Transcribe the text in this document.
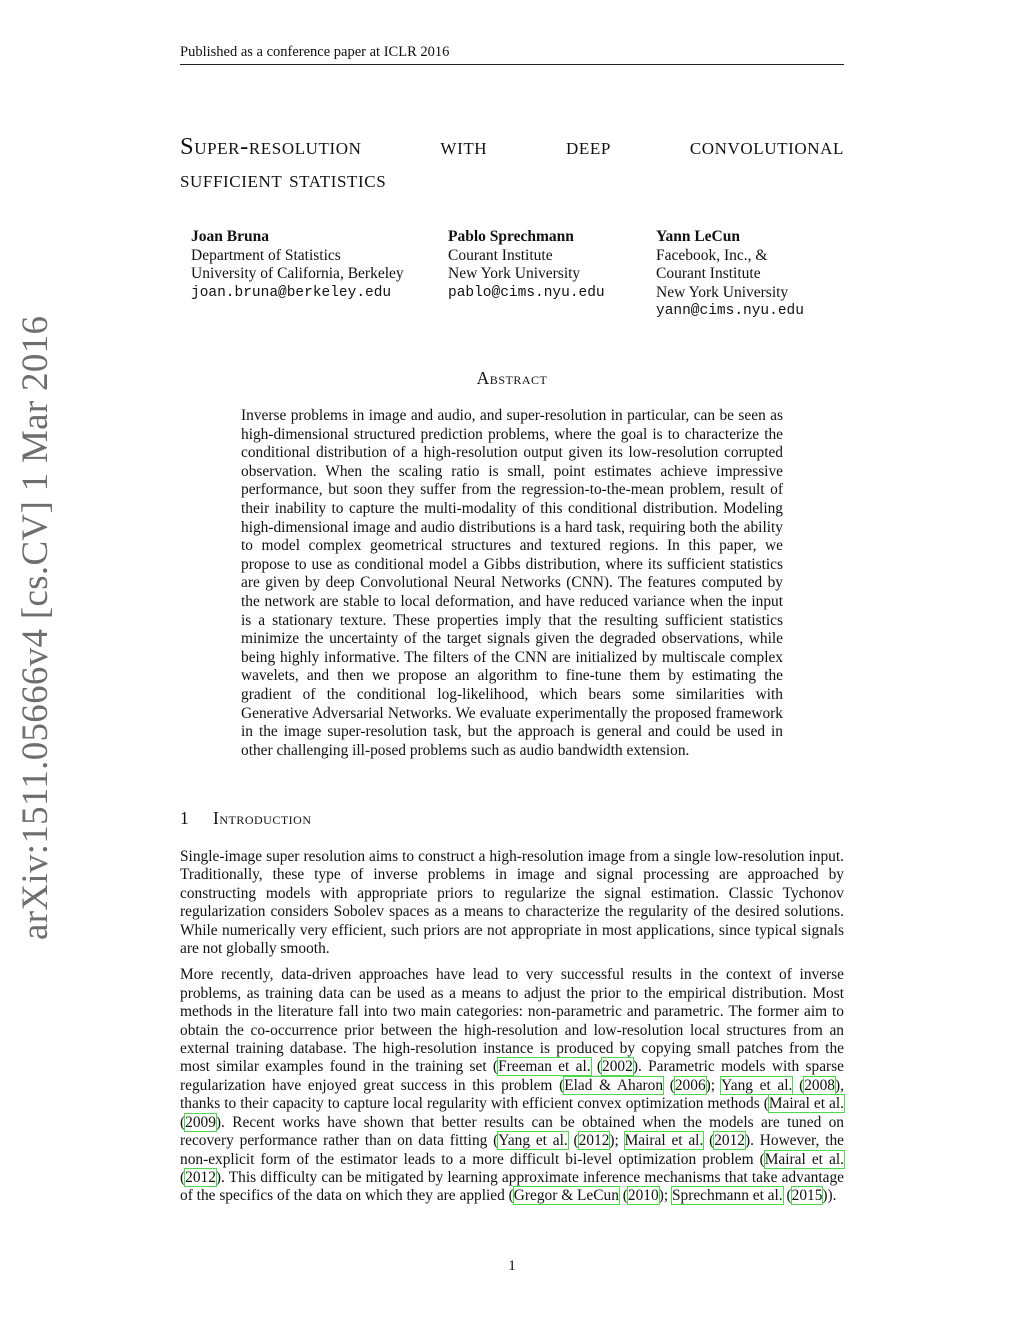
Published as a conference paper at ICLR 2016
arXiv:1511.05666v4 [cs.CV] 1 Mar 2016
Super-resolution with deep convolutional
sufficient statistics
Joan Bruna
Department of Statistics
University of California, Berkeley
joan.bruna@berkeley.edu
Pablo Sprechmann
Courant Institute
New York University
pablo@cims.nyu.edu
Yann LeCun
Facebook, Inc., &
Courant Institute
New York University
yann@cims.nyu.edu
Abstract
Inverse problems in image and audio, and super-resolution in particular, can be seen as high-dimensional structured prediction problems, where the goal is to characterize the conditional distribution of a high-resolution output given its low-resolution corrupted observation. When the scaling ratio is small, point estimates achieve impressive performance, but soon they suffer from the regression-to-the-mean problem, result of their inability to capture the multi-modality of this conditional distribution. Modeling high-dimensional image and audio distributions is a hard task, requiring both the ability to model complex geometrical structures and textured regions. In this paper, we propose to use as conditional model a Gibbs distribution, where its sufficient statistics are given by deep Convolutional Neural Networks (CNN). The features computed by the network are stable to local deformation, and have reduced variance when the input is a stationary texture. These properties imply that the resulting sufficient statistics minimize the uncertainty of the target signals given the degraded observations, while being highly informative. The filters of the CNN are initialized by multiscale complex wavelets, and then we propose an algorithm to fine-tune them by estimating the gradient of the conditional log-likelihood, which bears some similarities with Generative Adversarial Networks. We evaluate experimentally the proposed framework in the image super-resolution task, but the approach is general and could be used in other challenging ill-posed problems such as audio bandwidth extension.
1 Introduction

Single-image super resolution aims to construct a high-resolution image from a single low-resolution input. Traditionally, these type of inverse problems in image and signal processing are approached by constructing models with appropriate priors to regularize the signal estimation. Classic Tychonov regularization considers Sobolev spaces as a means to characterize the regularity of the desired solutions. While numerically very efficient, such priors are not appropriate in most applications, since typical signals are not globally smooth.

More recently, data-driven approaches have lead to very successful results in the context of inverse problems, as training data can be used as a means to adjust the prior to the empirical distribution. Most methods in the literature fall into two main categories: non-parametric and parametric. The former aim to obtain the co-occurrence prior between the high-resolution and low-resolution local structures from an external training database. The high-resolution instance is produced by copying small patches from the most similar examples found in the training set (Freeman et al. (2002). Parametric models with sparse regularization have enjoyed great success in this problem (Elad & Aharon (2006); Yang et al. (2008), thanks to their capacity to capture local regularity with efficient convex optimization methods (Mairal et al. (2009). Recent works have shown that better results can be obtained when the models are tuned on recovery performance rather than on data fitting (Yang et al. (2012); Mairal et al. (2012). However, the non-explicit form of the estimator leads to a more difficult bi-level optimization problem (Mairal et al. (2012). This difficulty can be mitigated by learning approximate inference mechanisms that take advantage of the specifics of the data on which they are applied (Gregor & LeCun (2010); Sprechmann et al. (2015)).

1
